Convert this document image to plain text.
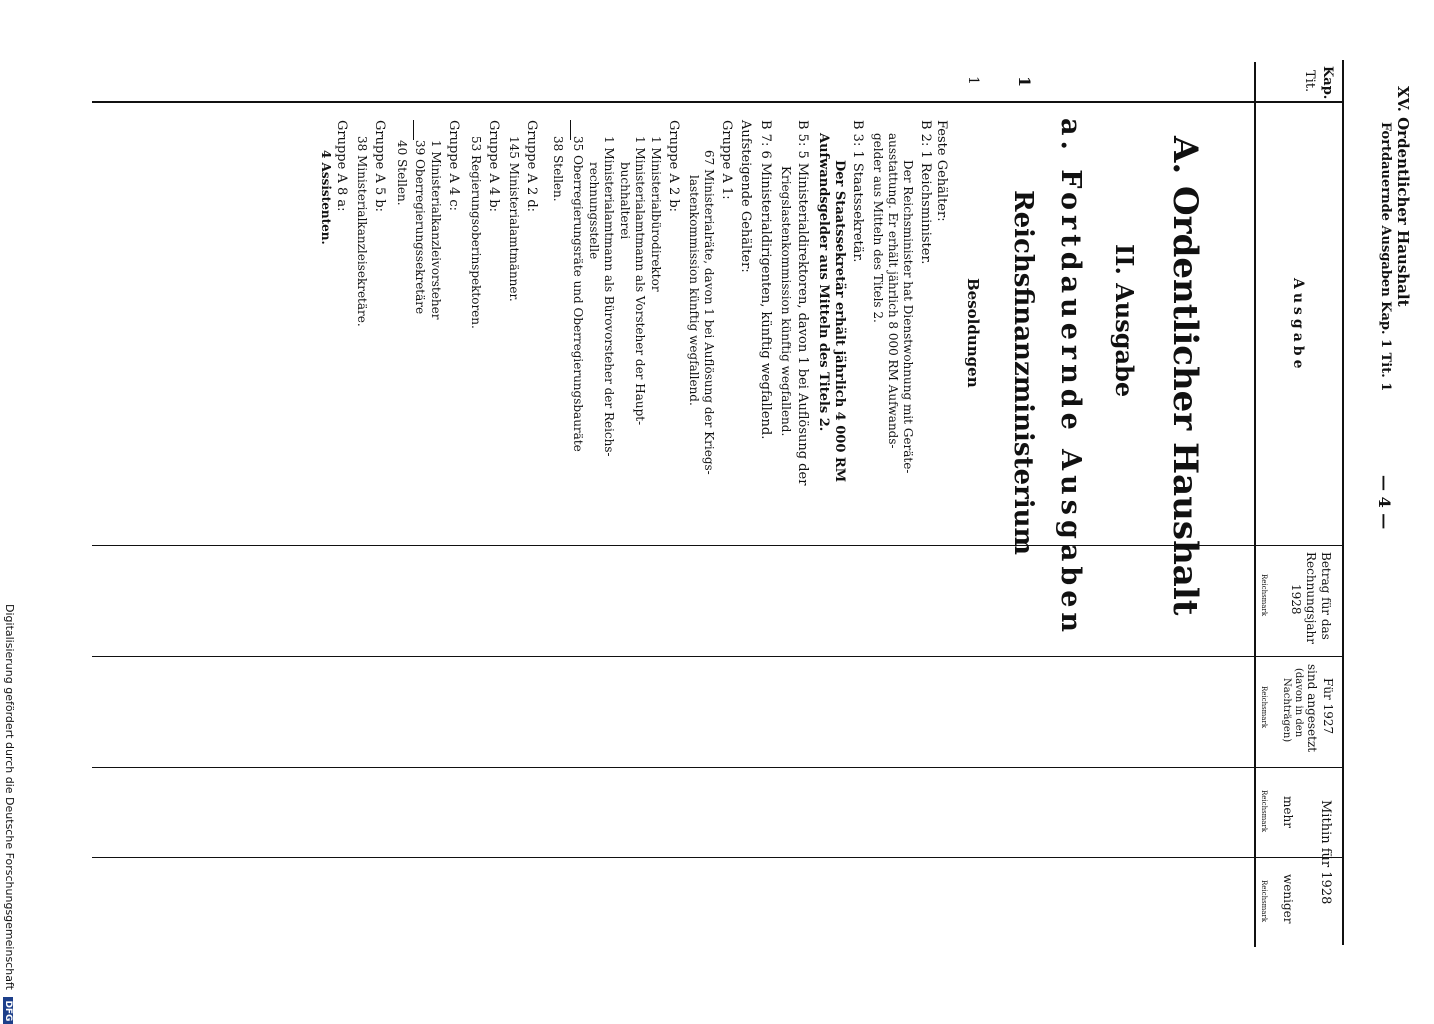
XV. Ordentlicher Haushalt
Fortdauernde Ausgaben Kap. 1 Tit. 1
— 4 —
Kap.
Tit.
Ausgabe
Betrag für das
Rechnungsjahr
1928
Reichsmark
Für 1927
sind angesetzt
(davon in den
Nachträgen)
Reichsmark
Mithin für 1928
mehr
Reichsmark
weniger
Reichsmark
1
1
A. Ordentlicher Haushalt
II. Ausgabe
a. Fortdauernde Ausgaben
Reichsfinanzministerium
Besoldungen
Feste Gehälter:
B 2: 1 Reichsminister.
Der Reichsminister hat Dienstwohnung mit Geräte-
ausstattung. Er erhält jährlich 8 000 RM Aufwands-
gelder aus Mitteln des Titels 2.
B 3: 1 Staatssekretär.
Der Staatssekretär erhält jährlich 4 000 RM
Aufwandsgelder aus Mitteln des Titels 2.
B 5: 5 Ministerialdirektoren, davon 1 bei Auflösung der
Kriegslastenkommission künftig wegfallend.
B 7: 6 Ministerialdirigenten, künftig wegfallend.
Aufsteigende Gehälter:
Gruppe A 1:
67 Ministerialräte, davon 1 bei Auflösung der Kriegs-
lastenkommission künftig wegfallend.
Gruppe A 2 b:
1 Ministerialbürodirektor
1 Ministerialamtmann als Vorsteher der Haupt-
buchhalterei
1 Ministerialamtmann als Bürovorsteher der Reichs-
rechnungsstelle
35 Oberregierungsräte und Oberregierungsbauräte
38 Stellen.
Gruppe A 2 d:
145 Ministerialamtmänner.
Gruppe A 4 b:
53 Regierungsoberinspektoren.
Gruppe A 4 c:
1 Ministerialkanzleivorsteher
39 Oberregierungssekretäre
40 Stellen.
Gruppe A 5 b:
38 Ministerialkanzleisekretäre.
Gruppe A 8 a:
4 Assistenten.
Digitalisierung gefördert durch die Deutsche Forschungsgemeinschaft DFG
